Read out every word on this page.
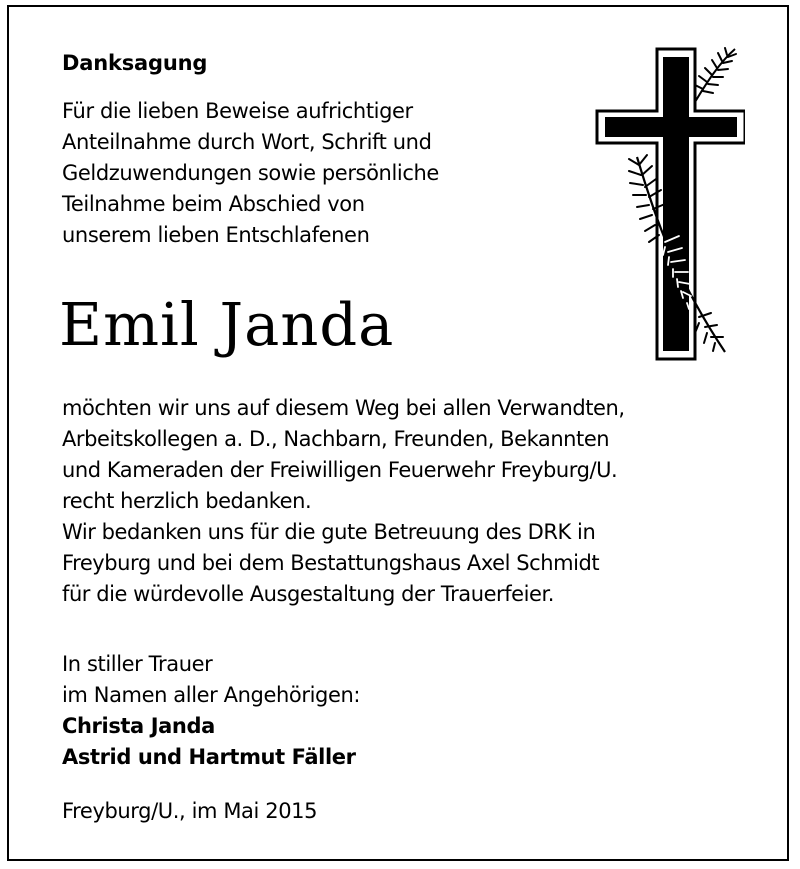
Danksagung
Für die lieben Beweise aufrichtiger
Anteilnahme durch Wort, Schrift und
Geldzuwendungen sowie persönliche
Teilnahme beim Abschied von
unserem lieben Entschlafenen
Emil Janda
möchten wir uns auf diesem Weg bei allen Verwandten,
Arbeitskollegen a. D., Nachbarn, Freunden, Bekannten
und Kameraden der Freiwilligen Feuerwehr Freyburg/U.
recht herzlich bedanken.
Wir bedanken uns für die gute Betreuung des DRK in
Freyburg und bei dem Bestattungshaus Axel Schmidt
für die würdevolle Ausgestaltung der Trauerfeier.
In stiller Trauer
im Namen aller Angehörigen:
Christa Janda
Astrid und Hartmut Fäller
Freyburg/U., im Mai 2015
